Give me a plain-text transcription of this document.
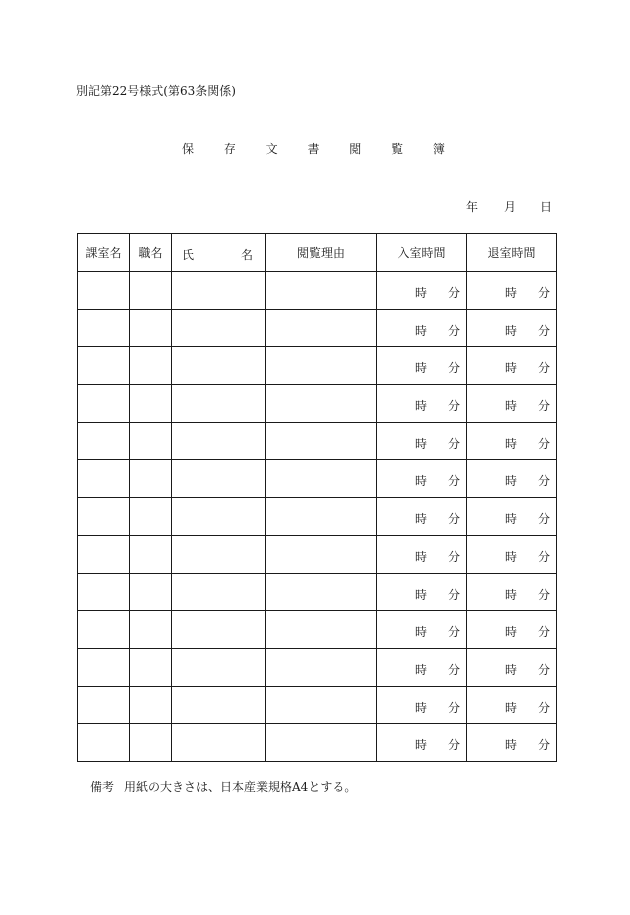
別記第22号様式(第63条関係)
保 存 文 書 閲 覧 簿
年 月 日
課室名	職名	氏 名	閲覧理由	入室時間	退室時間

				時 分	時 分

				時 分	時 分

				時 分	時 分

				時 分	時 分

				時 分	時 分

				時 分	時 分

				時 分	時 分

				時 分	時 分

				時 分	時 分

				時 分	時 分

				時 分	時 分

				時 分	時 分

				時 分	時 分
備考 用紙の大きさは、日本産業規格A4とする。
